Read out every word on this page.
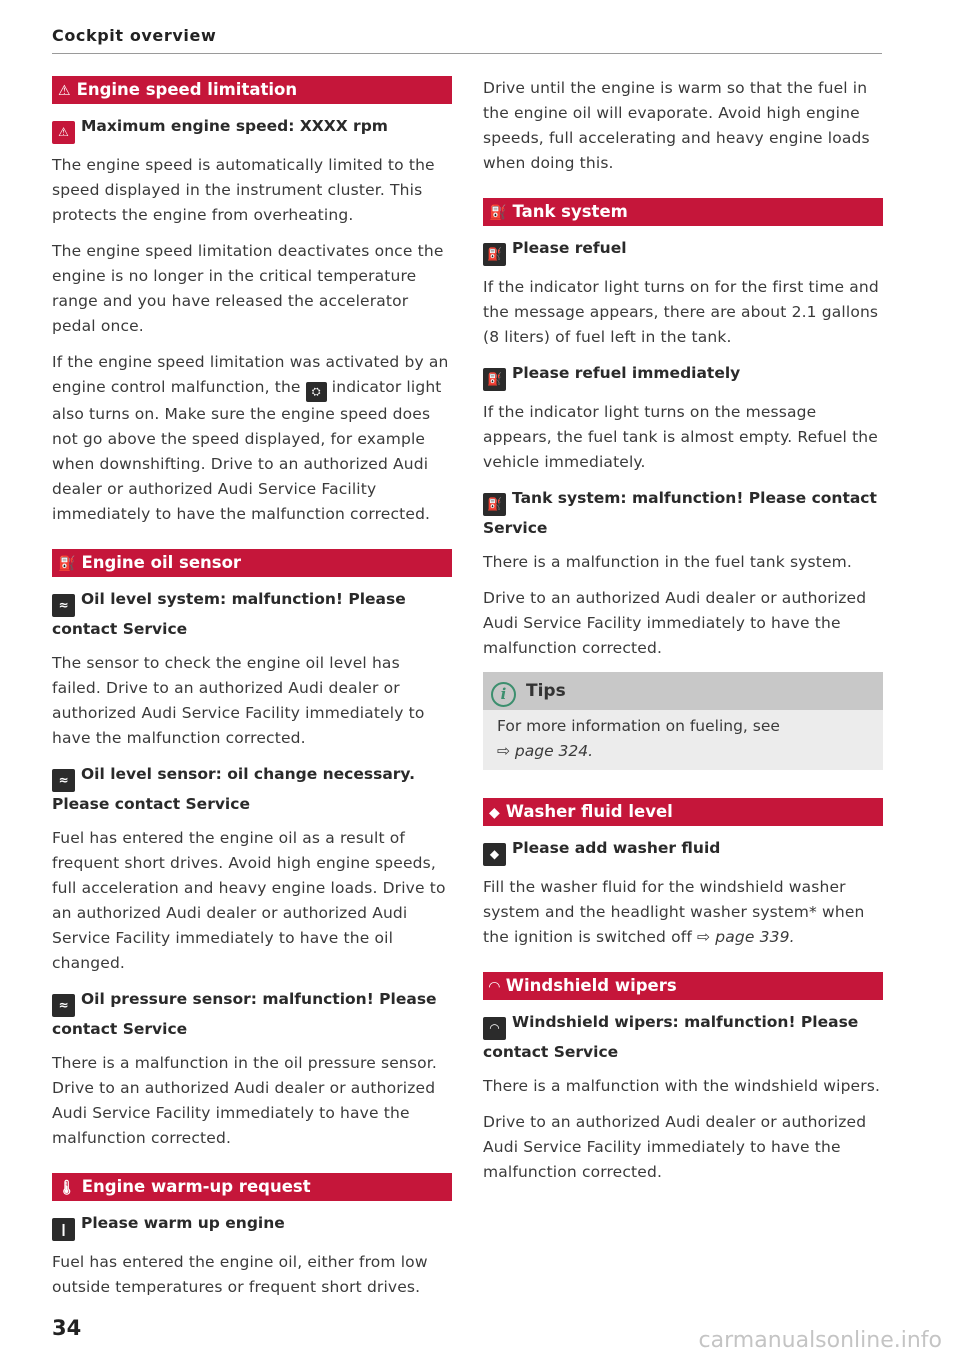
Cockpit overview
⚠ Engine speed limitation
⚠ Maximum engine speed: XXXX rpm
The engine speed is automatically limited to the speed displayed in the instrument cluster. This protects the engine from overheating.
The engine speed limitation deactivates once the engine is no longer in the critical temperature range and you have released the accelerator pedal once.
If the engine speed limitation was activated by an engine control malfunction, the ⛭ indicator light also turns on. Make sure the engine speed does not go above the speed displayed, for example when downshifting. Drive to an authorized Audi dealer or authorized Audi Service Facility immediately to have the malfunction corrected.
⛽ Engine oil sensor
≈ Oil level system: malfunction! Please contact Service
The sensor to check the engine oil level has failed. Drive to an authorized Audi dealer or authorized Audi Service Facility immediately to have the malfunction corrected.
≈ Oil level sensor: oil change necessary. Please contact Service
Fuel has entered the engine oil as a result of frequent short drives. Avoid high engine speeds, full acceleration and heavy engine loads. Drive to an authorized Audi dealer or authorized Audi Service Facility immediately to have the oil changed.
≈ Oil pressure sensor: malfunction! Please contact Service
There is a malfunction in the oil pressure sensor. Drive to an authorized Audi dealer or authorized Audi Service Facility immediately to have the malfunction corrected.
🌡 Engine warm-up request
❙ Please warm up engine
Fuel has entered the engine oil, either from low outside temperatures or frequent short drives.
Drive until the engine is warm so that the fuel in the engine oil will evaporate. Avoid high engine speeds, full accelerating and heavy engine loads when doing this.
⛽ Tank system
⛽ Please refuel
If the indicator light turns on for the first time and the message appears, there are about 2.1 gallons (8 liters) of fuel left in the tank.
⛽ Please refuel immediately
If the indicator light turns on the message appears, the fuel tank is almost empty. Refuel the vehicle immediately.
⛽ Tank system: malfunction! Please contact Service
There is a malfunction in the fuel tank system.
Drive to an authorized Audi dealer or authorized Audi Service Facility immediately to have the malfunction corrected.
i Tips
For more information on fueling, see
⇨ page 324.
◆ Washer fluid level
◆ Please add washer fluid
Fill the washer fluid for the windshield washer system and the headlight washer system* when the ignition is switched off ⇨ page 339.
◠ Windshield wipers
◠ Windshield wipers: malfunction! Please contact Service
There is a malfunction with the windshield wipers.
Drive to an authorized Audi dealer or authorized Audi Service Facility immediately to have the malfunction corrected.
34	carmanualsonline.info
